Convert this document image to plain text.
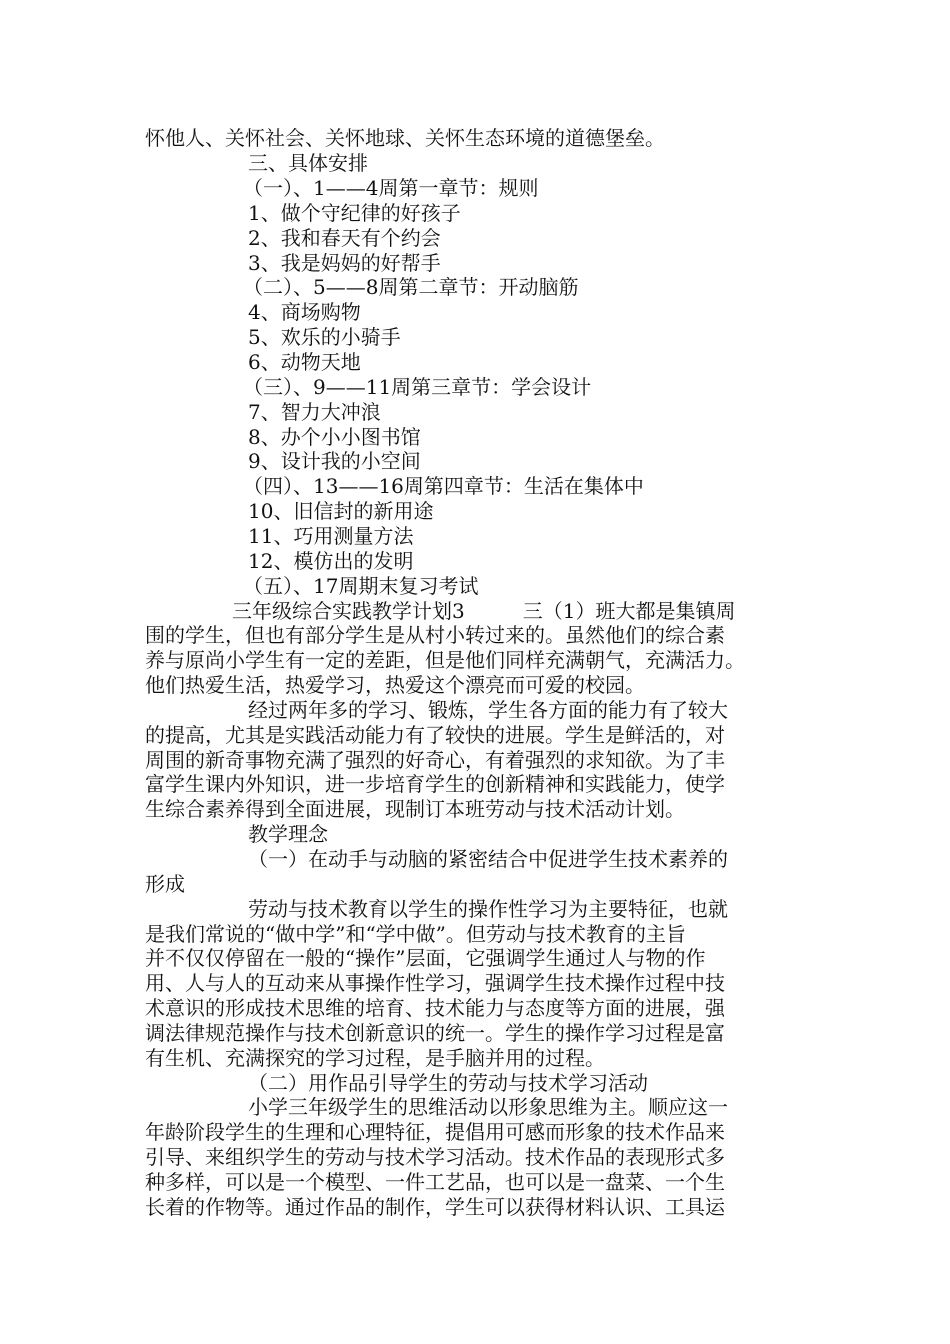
怀他人、关怀社会、关怀地球、关怀生态环境的道德堡垒。
三、具体安排
（一）、1——4周第一章节：规则
1、做个守纪律的好孩子
2、我和春天有个约会
3、我是妈妈的好帮手
（二）、5——8周第二章节：开动脑筋
4、商场购物
5、欢乐的小骑手
6、动物天地
（三）、9——11周第三章节：学会设计
7、智力大冲浪
8、办个小小图书馆
9、设计我的小空间
（四）、13——16周第四章节：生活在集体中
10、旧信封的新用途
11、巧用测量方法
12、模仿出的发明
（五）、17周期末复习考试
三年级综合实践教学计划3	三（1）班大都是集镇周
围的学生，但也有部分学生是从村小转过来的。虽然他们的综合素
养与原尚小学生有一定的差距，但是他们同样充满朝气，充满活力。
他们热爱生活，热爱学习，热爱这个漂亮而可爱的校园。
经过两年多的学习、锻炼，学生各方面的能力有了较大
的提高，尤其是实践活动能力有了较快的进展。学生是鲜活的，对
周围的新奇事物充满了强烈的好奇心，有着强烈的求知欲。为了丰
富学生课内外知识，进一步培育学生的创新精神和实践能力，使学
生综合素养得到全面进展，现制订本班劳动与技术活动计划。
教学理念
（一）在动手与动脑的紧密结合中促进学生技术素养的
形成
劳动与技术教育以学生的操作性学习为主要特征，也就
是我们常说的“做中学”和“学中做”。但劳动与技术教育的主旨
并不仅仅停留在一般的“操作”层面，它强调学生通过人与物的作
用、人与人的互动来从事操作性学习，强调学生技术操作过程中技
术意识的形成技术思维的培育、技术能力与态度等方面的进展，强
调法律规范操作与技术创新意识的统一。学生的操作学习过程是富
有生机、充满探究的学习过程，是手脑并用的过程。
（二）用作品引导学生的劳动与技术学习活动
小学三年级学生的思维活动以形象思维为主。顺应这一
年龄阶段学生的生理和心理特征，提倡用可感而形象的技术作品来
引导、来组织学生的劳动与技术学习活动。技术作品的表现形式多
种多样，可以是一个模型、一件工艺品，也可以是一盘菜、一个生
长着的作物等。通过作品的制作，学生可以获得材料认识、工具运
